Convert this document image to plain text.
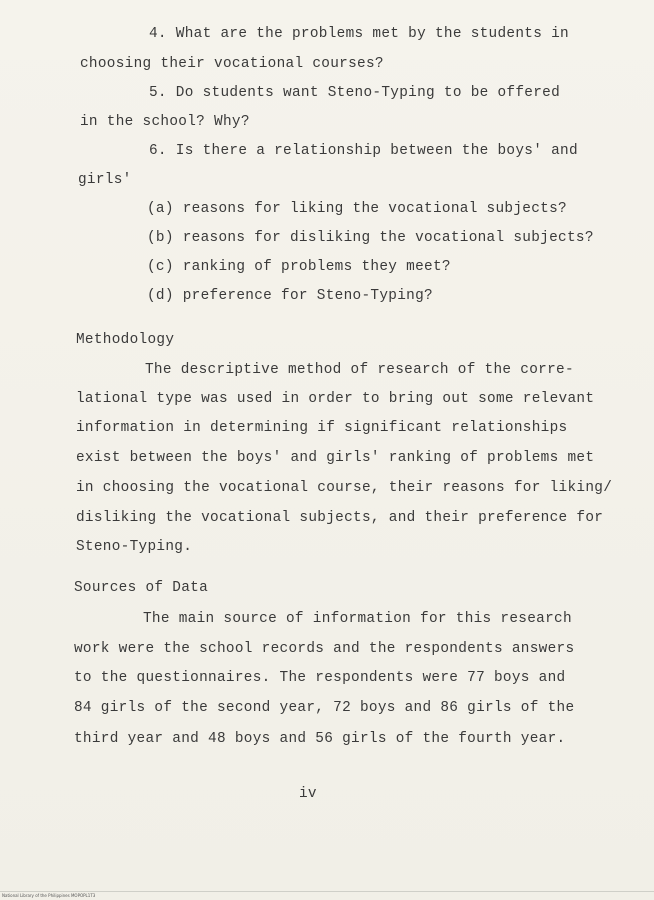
4. What are the problems met by the students in
choosing their vocational courses?
5. Do students want Steno-Typing to be offered
in the school? Why?
6. Is there a relationship between the boys' and
girls'
(a) reasons for liking the vocational subjects?
(b) reasons for disliking the vocational subjects?
(c) ranking of problems they meet?
(d) preference for Steno-Typing?
Methodology
The descriptive method of research of the corre-
lational type was used in order to bring out some relevant
information in determining if significant relationships
exist between the boys' and girls' ranking of problems met
in choosing the vocational course, their reasons for liking/
disliking the vocational subjects, and their preference for
Steno-Typing.
Sources of Data
The main source of information for this research
work were the school records and the respondents answers
to the questionnaires. The respondents were 77 boys and
84 girls of the second year, 72 boys and 86 girls of the
third year and 48 boys and 56 girls of the fourth year.
iv
National Library of the Philippines MOPOPL1T3
